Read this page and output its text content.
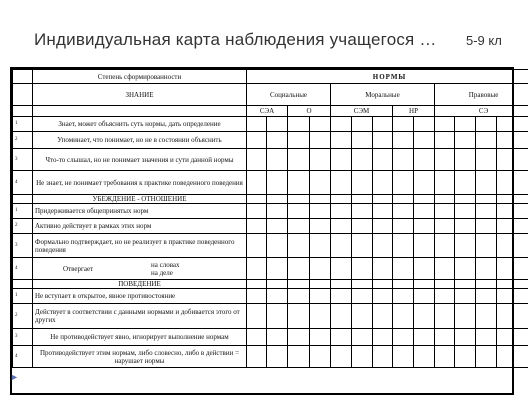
Индивидуальная карта наблюдения учащегося … 5-9 кл
	Степень сформированности	НОРМЫ												
	ЗНАНИЕ	Социальные				Моральные					Правовые			
		СЭА		О		СЭМ			НР		СЭ			
1	Знает, может объяснить суть нормы, дать определение													
2	Упоминает, что понимает, но не в состоянии объяснить													
3	Что-то слышал, но не понимает значения и сути данной нормы													
4	Не знает, не понимает требования к практике поведенного поведения													
	УБЕЖДЕНИЕ - ОТНОШЕНИЕ													
1	Придерживается общепринятых норм													
2	Активно действует в рамках этих норм													
3	Формально подтверждает, но не реализует в практике поведенного поведения													
4	Отвергает на словах
на деле													

	ПОВЕДЕНИЕ													
1	Не вступает в открытое, явное противостояние													
2	Действует в соответствии с данными нормами и добивается этого от других													
3	Не противодействует явно, игнорирует выполнение нормам													
4	Противодействует этим нормам, либо словесно, либо в действии = нарушает нормы													
►
